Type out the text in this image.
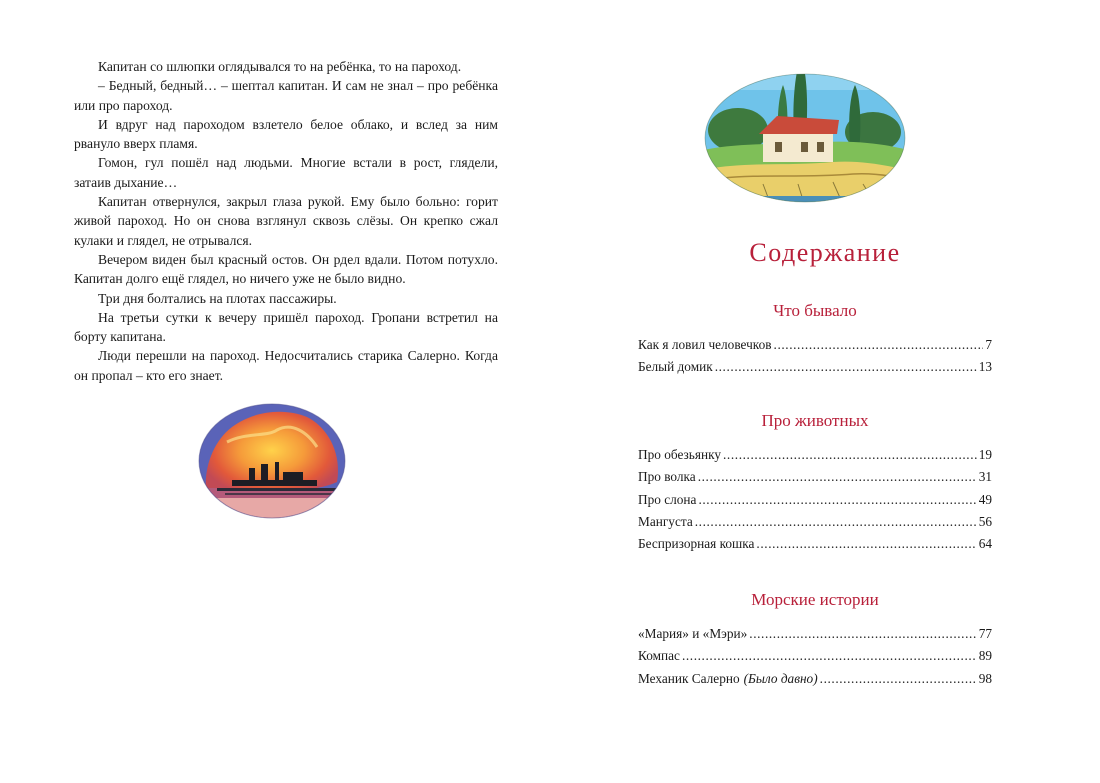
Капитан со шлюпки оглядывался то на ребёнка, то на пароход.

– Бедный, бедный… – шептал капитан. И сам не знал – про ребёнка или про пароход.

И вдруг над пароходом взлетело белое облако, и вслед за ним рвануло вверх пламя.

Гомон, гул пошёл над людьми. Многие встали в рост, глядели, затаив дыхание…

Капитан отвернулся, закрыл глаза рукой. Ему было больно: горит живой пароход. Но он снова взглянул сквозь слёзы. Он крепко сжал кулаки и глядел, не отрывался.

Вечером виден был красный остов. Он рдел вдали. Потом потухло. Капитан долго ещё глядел, но ничего уже не было видно.

Три дня болтались на плотах пассажиры.

На третьи сутки к вечеру пришёл пароход. Гропани встретил на борту капитана.

Люди перешли на пароход. Недосчитались старика Салерно. Когда он пропал – кто его знает.

Содержание
Что бывало
Как я ловил человечков .....	7
Белый домик .....	13
Про животных
Про обезьянку .....	19
Про волка .....	31
Про слона .....	49
Мангуста .....	56
Беспризорная кошка .....	64
Морские истории
«Мария» и «Мэри» .....	77
Компас .....	89
Механик Салерно (Было давно) .....	98
